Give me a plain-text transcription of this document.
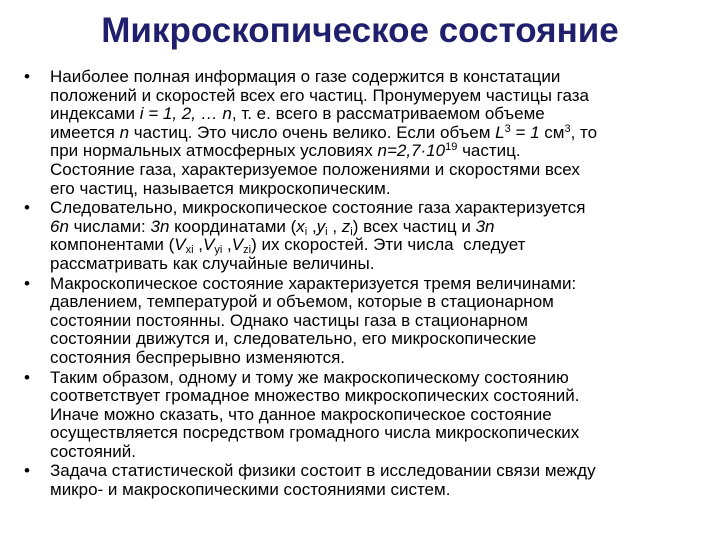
Микроскопическое состояние
• Наиболее полная информация о газе содержится в констатации
положений и скоростей всех его частиц. Пронумеруем частицы газа
индексами i = 1, 2, … n, т. е. всего в рассматриваемом объеме
имеется n частиц. Это число очень велико. Если объем $L^3 = 1$ $см^3$, то
при нормальных атмосферных условиях $n=2,7\cdot 10^{19}$ частиц.
Состояние газа, характеризуемое положениями и скоростями всех
его частиц, называется микроскопическим.
• Следовательно, микроскопическое состояние газа характеризуется
6n числами: 3n координатами ($x_i$ $,y_i$ , $z_i$) всех частиц и 3n
компонентами ($V_{xi}$ $,V_{yi}$ $,V_{zi}$) их скоростей. Эти числа  следует
рассматривать как случайные величины.
• Макроскопическое состояние характеризуется тремя величинами:
давлением, температурой и объемом, которые в стационарном
состоянии постоянны. Однако частицы газа в стационарном
состоянии движутся и, следовательно, его микроскопические
состояния беспрерывно изменяются.
• Таким образом, одному и тому же макроскопическому состоянию
соответствует громадное множество микроскопических состояний.
Иначе можно сказать, что данное макроскопическое состояние
осуществляется посредством громадного числа микроскопических
состояний.
• Задача статистической физики состоит в исследовании связи между
микро- и макроскопическими состояниями систем.
